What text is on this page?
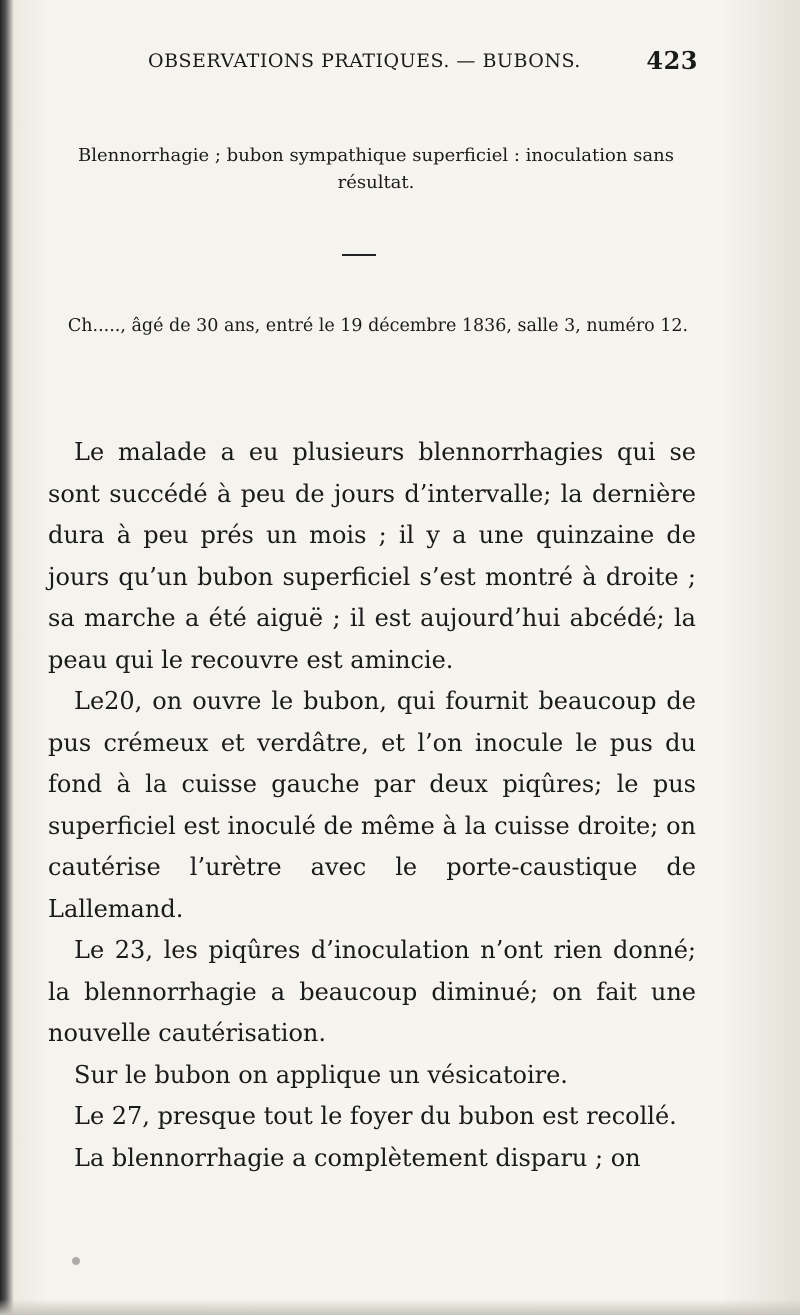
OBSERVATIONS PRATIQUES. — BUBONS.	423
Blennorrhagie ; bubon sympathique superficiel : inoculation sans résultat.
Ch....., âgé de 30 ans, entré le 19 décembre 1836, salle 3, numéro 12.

Le malade a eu plusieurs blennorrhagies qui se sont succédé à peu de jours d’intervalle; la dernière dura à peu prés un mois ; il y a une quinzaine de jours qu’un bubon superficiel s’est montré à droite ; sa marche a été aiguë ; il est aujourd’hui abcédé; la peau qui le recouvre est amincie.

Le20, on ouvre le bubon, qui fournit beaucoup de pus crémeux et verdâtre, et l’on inocule le pus du fond à la cuisse gauche par deux piqûres; le pus superficiel est inoculé de même à la cuisse droite; on cautérise l’urètre avec le porte-caustique de Lallemand.

Le 23, les piqûres d’inoculation n’ont rien donné; la blennorrhagie a beaucoup diminué; on fait une nouvelle cautérisation.

Sur le bubon on applique un vésicatoire.

Le 27, presque tout le foyer du bubon est recollé.

La blennorrhagie a complètement disparu ; on
